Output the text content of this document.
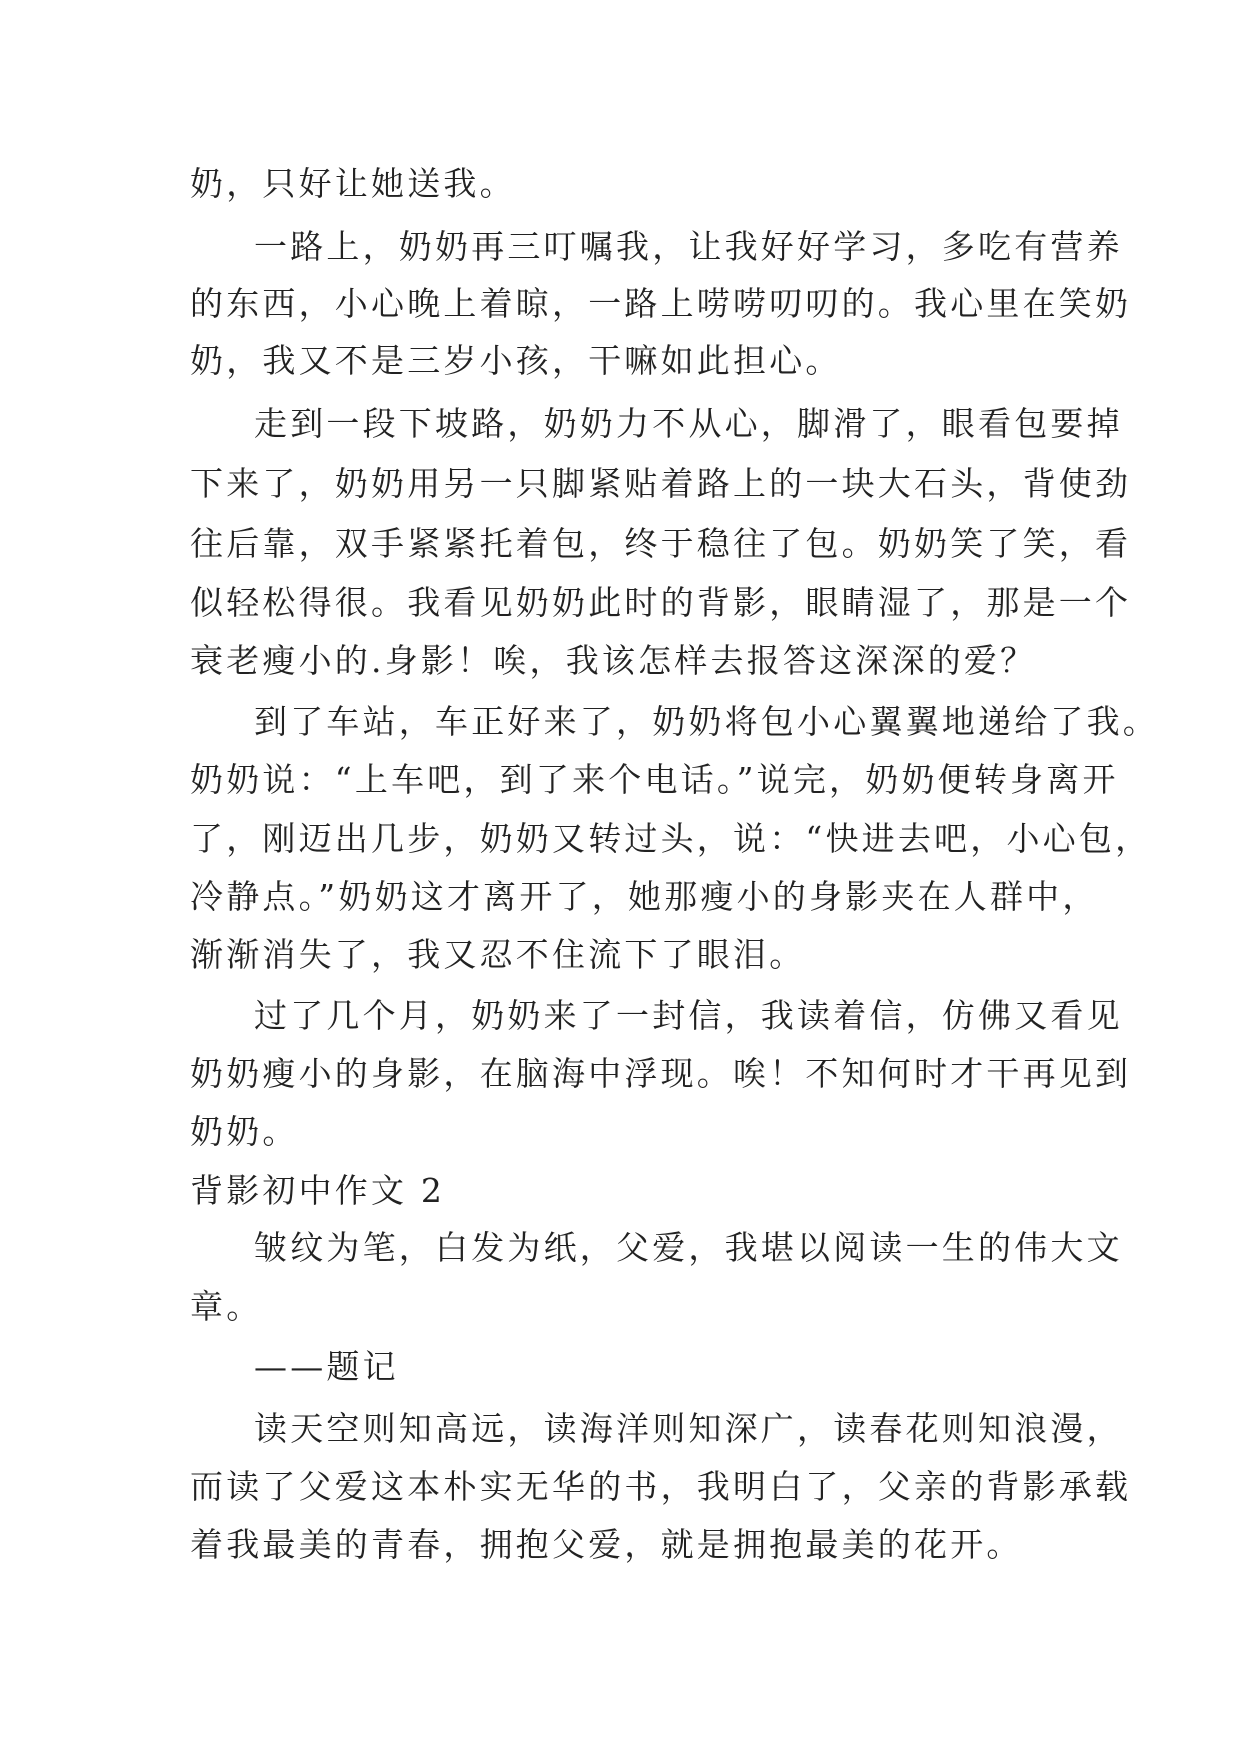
奶，只好让她送我。
一路上，奶奶再三叮嘱我，让我好好学习，多吃有营养
的东西，小心晚上着晾，一路上唠唠叨叨的。我心里在笑奶
奶，我又不是三岁小孩，干嘛如此担心。
走到一段下坡路，奶奶力不从心，脚滑了，眼看包要掉
下来了，奶奶用另一只脚紧贴着路上的一块大石头，背使劲
往后靠，双手紧紧托着包，终于稳往了包。奶奶笑了笑，看
似轻松得很。我看见奶奶此时的背影，眼睛湿了，那是一个
衰老瘦小的.身影！唉，我该怎样去报答这深深的爱？
到了车站，车正好来了，奶奶将包小心翼翼地递给了我。
奶奶说：“上车吧，到了来个电话。”说完，奶奶便转身离开
了，刚迈出几步，奶奶又转过头，说：“快进去吧，小心包，
冷静点。”奶奶这才离开了，她那瘦小的身影夹在人群中，
渐渐消失了，我又忍不住流下了眼泪。
过了几个月，奶奶来了一封信，我读着信，仿佛又看见
奶奶瘦小的身影，在脑海中浮现。唉！不知何时才干再见到
奶奶。
背影初中作文 2
皱纹为笔，白发为纸，父爱，我堪以阅读一生的伟大文
章。
——题记
读天空则知高远，读海洋则知深广，读春花则知浪漫，
而读了父爱这本朴实无华的书，我明白了，父亲的背影承载
着我最美的青春，拥抱父爱，就是拥抱最美的花开。
